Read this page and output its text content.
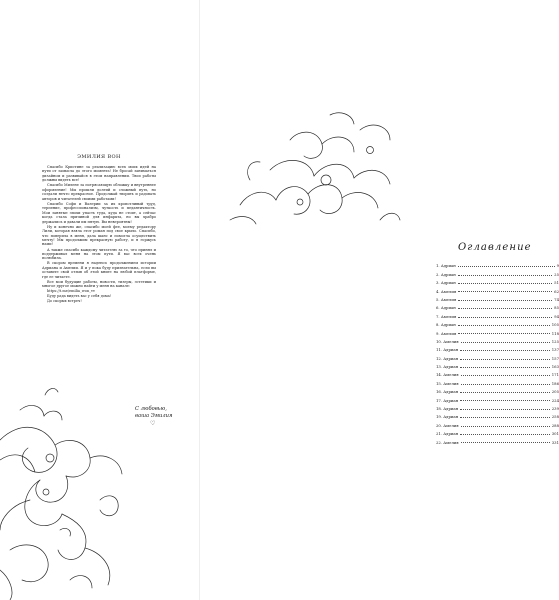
ЭМИЛИЯ ВОН

Спасибо Кристине за реализацию всех моих идей на пути от замысла до этого момента! Не бросай заниматься дизайном и развивайся в этом направлении. Твои работы должны видеть все!

Спасибо Милене за потрясающую обложку и внутреннее оформление! Мы прошли долгий и сложный путь, но создали нечто прекрасное. Продолжай творить и радовать авторов и читателей своими работами!

Спасибо Софи и Валерии за их кропотливый труд, терпение, профессионализм, чуткость и педантичность. Мои занятые эпохи упасть туда, куда не стоит, а сейчас когда стала причиной для инфаркта, но вы храбро держались и давали им пятую. Вы невероятны!

Ну и конечно же, спасибо моей фее, моему редактору Лили, которая взяла этот роман под свое крыло. Спасибо, что поверила в меня, дала шанс и помогла осуществить мечту! Мы продолжим прекрасную работу, и я горжусь нами!

А также спасибо каждому читателю за то, что принял и поддерживал меня на этом пути. Я вас всех очень полюбила.

В скором времени я надеюсь продолжением истории Адриана и Амелии. Я и у пока буду признательна, если вы оставите свой отзыв об этой книге на любой платформе, где ее читаете.

Все мои будущие работы, новости, тизеры, эстетики и многое другое можно найти у меня на канале:

https://t.me/emilia_won_vv

Буду рада видеть вас у себя дома!

До скорых встреч!

С любовью,
ваша Эмилия
♡
Оглавление
1. Адриан	9
2. Адриан	25
3. Адриан	51
4. Амелия	62
5. Амелия	74
6. Адриан	85
7. Амелия	94
8. Адриан	105
9. Амелия	118
10. Амелия	125
11. Адриан	137
12. Адриан	157
13. Адриан	163
14. Амелия	171
15. Амелия	186
16. Адриан	205
17. Адриан	224
18. Адриан	239
19. Адриан	258
20. Амелия	288
21. Адриан	301
22. Амелия	331
